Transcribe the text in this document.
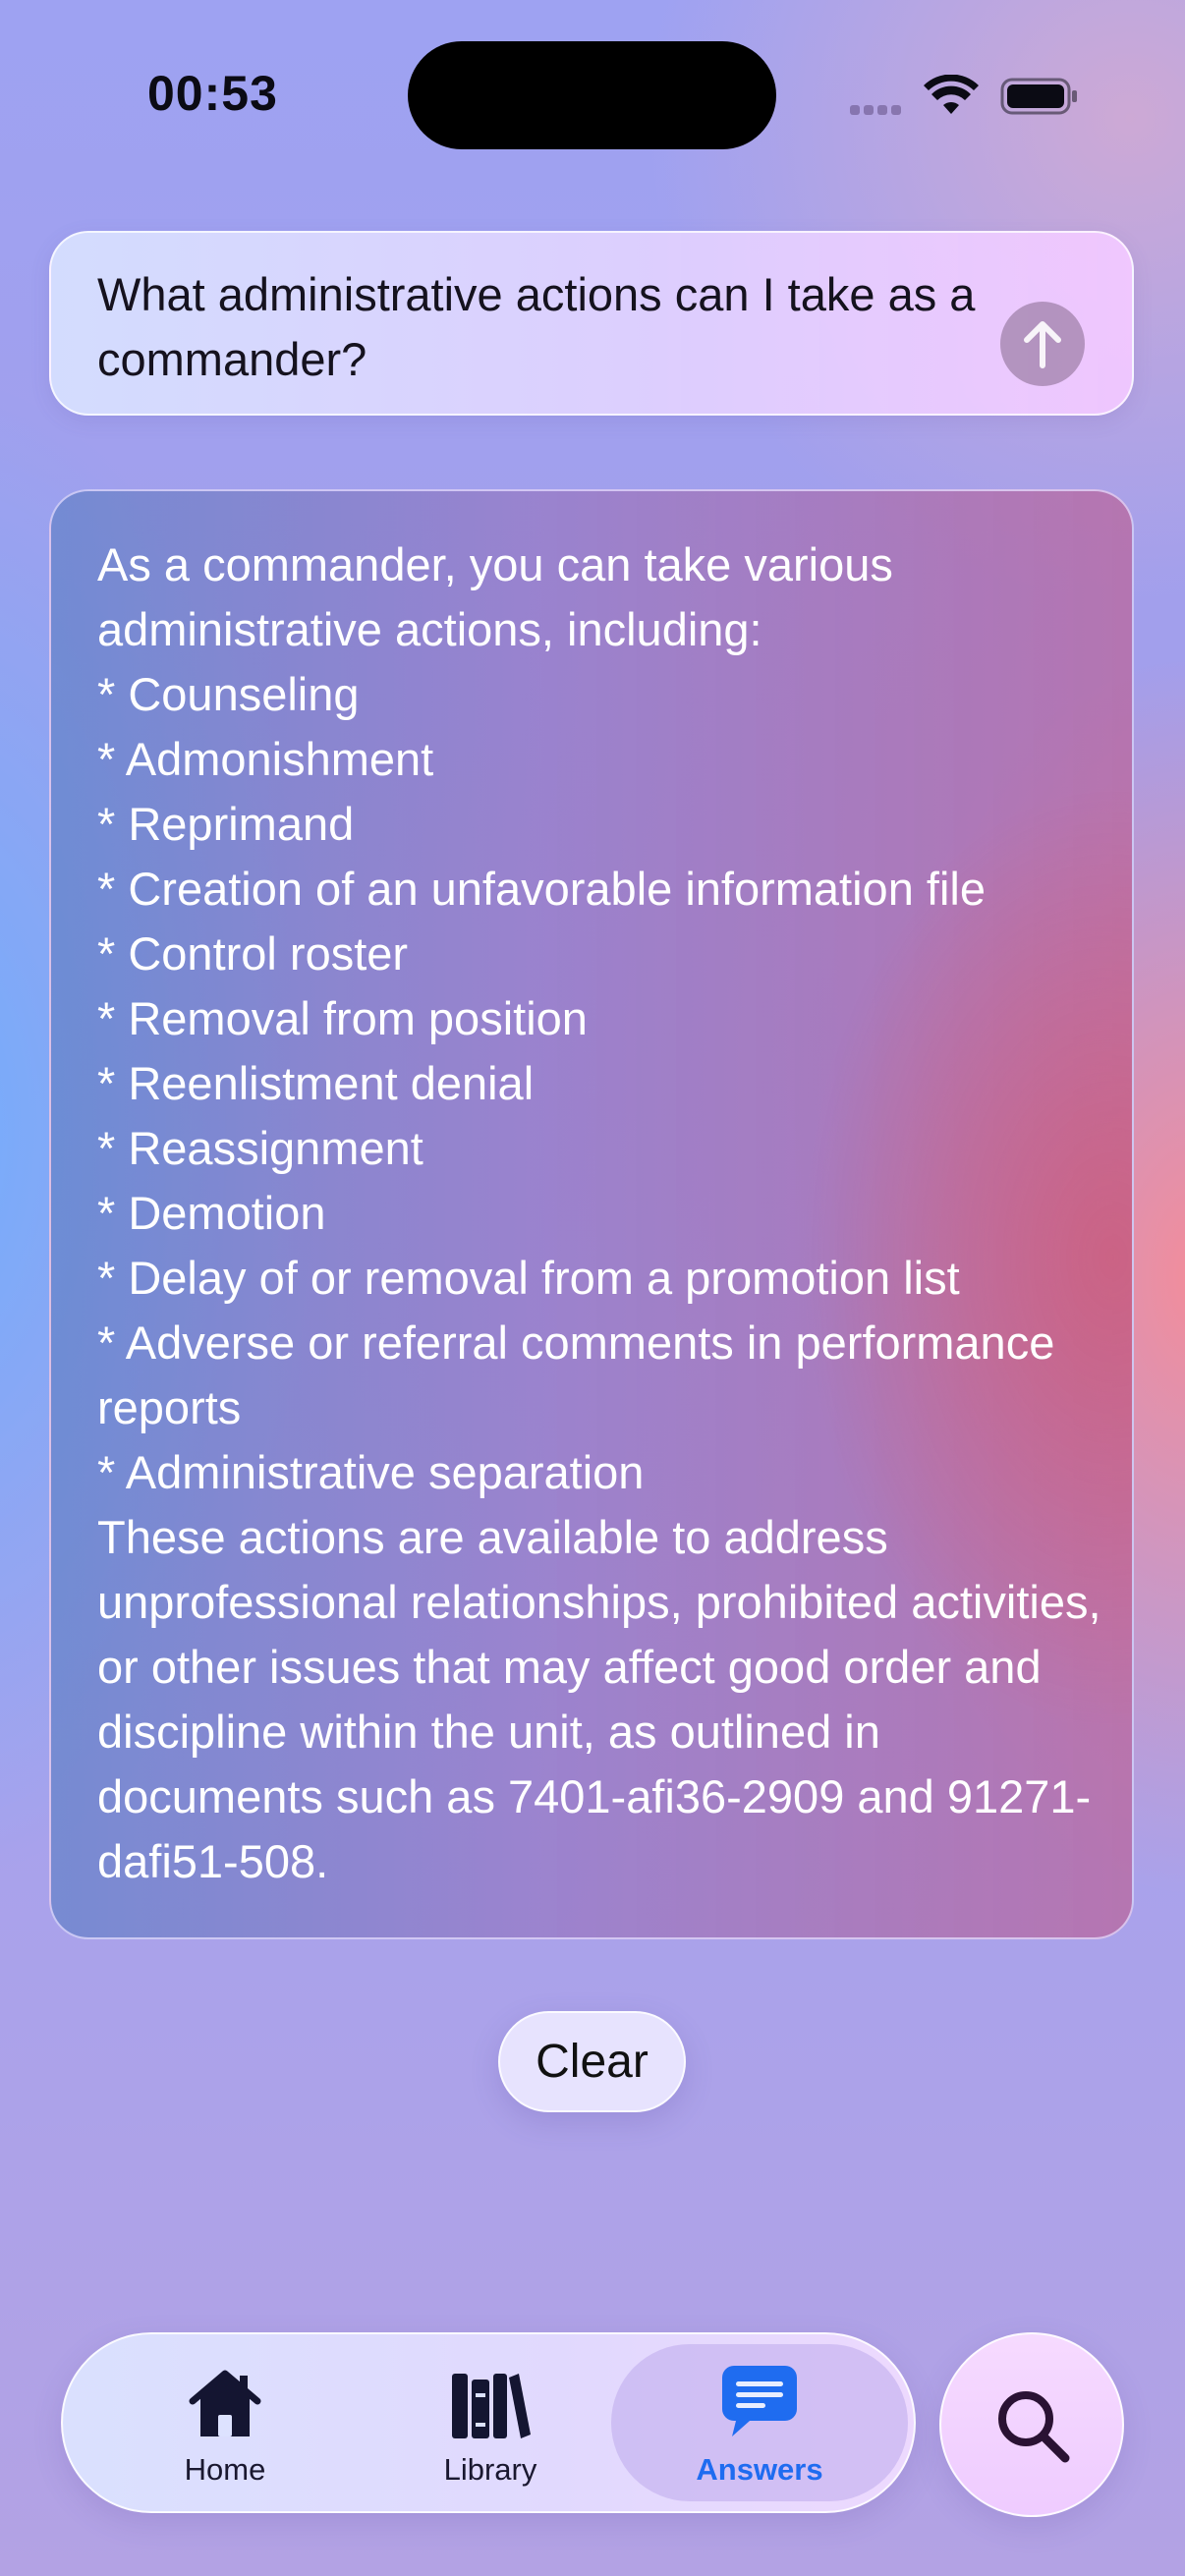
00:53

What administrative actions can I take as a commander?

As a commander, you can take various administrative actions, including:
* Counseling
* Admonishment
* Reprimand
* Creation of an unfavorable information file
* Control roster
* Removal from position
* Reenlistment denial
* Reassignment
* Demotion
* Delay of or removal from a promotion list
* Adverse or referral comments in performance reports
* Administrative separation
These actions are available to address unprofessional relationships, prohibited activities, or other issues that may affect good order and discipline within the unit, as outlined in documents such as 7401-afi36-2909 and 91271-dafi51-508.

Clear
Home	Library	Answers
